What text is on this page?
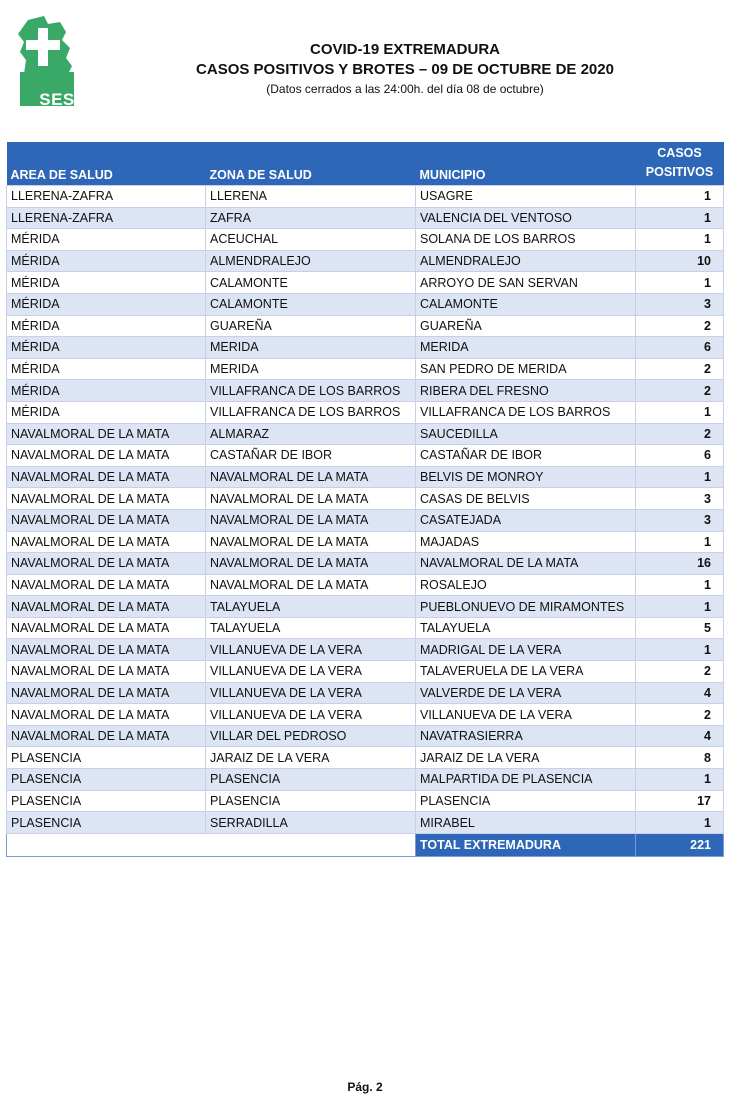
SES
COVID-19 EXTREMADURA
CASOS POSITIVOS Y BROTES – 09 DE OCTUBRE DE 2020
(Datos cerrados a las 24:00h. del día 08 de octubre)
AREA DE SALUD	ZONA DE SALUD	MUNICIPIO	CASOS
POSITIVOS
LLERENA-ZAFRA	LLERENA	USAGRE	1
LLERENA-ZAFRA	ZAFRA	VALENCIA DEL VENTOSO	1
MÉRIDA	ACEUCHAL	SOLANA DE LOS BARROS	1
MÉRIDA	ALMENDRALEJO	ALMENDRALEJO	10
MÉRIDA	CALAMONTE	ARROYO DE SAN SERVAN	1
MÉRIDA	CALAMONTE	CALAMONTE	3
MÉRIDA	GUAREÑA	GUAREÑA	2
MÉRIDA	MERIDA	MERIDA	6
MÉRIDA	MERIDA	SAN PEDRO DE MERIDA	2
MÉRIDA	VILLAFRANCA DE LOS BARROS	RIBERA DEL FRESNO	2
MÉRIDA	VILLAFRANCA DE LOS BARROS	VILLAFRANCA DE LOS BARROS	1
NAVALMORAL DE LA MATA	ALMARAZ	SAUCEDILLA	2
NAVALMORAL DE LA MATA	CASTAÑAR DE IBOR	CASTAÑAR DE IBOR	6
NAVALMORAL DE LA MATA	NAVALMORAL DE LA MATA	BELVIS DE MONROY	1
NAVALMORAL DE LA MATA	NAVALMORAL DE LA MATA	CASAS DE BELVIS	3
NAVALMORAL DE LA MATA	NAVALMORAL DE LA MATA	CASATEJADA	3
NAVALMORAL DE LA MATA	NAVALMORAL DE LA MATA	MAJADAS	1
NAVALMORAL DE LA MATA	NAVALMORAL DE LA MATA	NAVALMORAL DE LA MATA	16
NAVALMORAL DE LA MATA	NAVALMORAL DE LA MATA	ROSALEJO	1
NAVALMORAL DE LA MATA	TALAYUELA	PUEBLONUEVO DE MIRAMONTES	1
NAVALMORAL DE LA MATA	TALAYUELA	TALAYUELA	5
NAVALMORAL DE LA MATA	VILLANUEVA DE LA VERA	MADRIGAL DE LA VERA	1
NAVALMORAL DE LA MATA	VILLANUEVA DE LA VERA	TALAVERUELA DE LA VERA	2
NAVALMORAL DE LA MATA	VILLANUEVA DE LA VERA	VALVERDE DE LA VERA	4
NAVALMORAL DE LA MATA	VILLANUEVA DE LA VERA	VILLANUEVA DE LA VERA	2
NAVALMORAL DE LA MATA	VILLAR DEL PEDROSO	NAVATRASIERRA	4
PLASENCIA	JARAIZ DE LA VERA	JARAIZ DE LA VERA	8
PLASENCIA	PLASENCIA	MALPARTIDA DE PLASENCIA	1
PLASENCIA	PLASENCIA	PLASENCIA	17
PLASENCIA	SERRADILLA	MIRABEL	1
		TOTAL EXTREMADURA	221
Pág. 2
